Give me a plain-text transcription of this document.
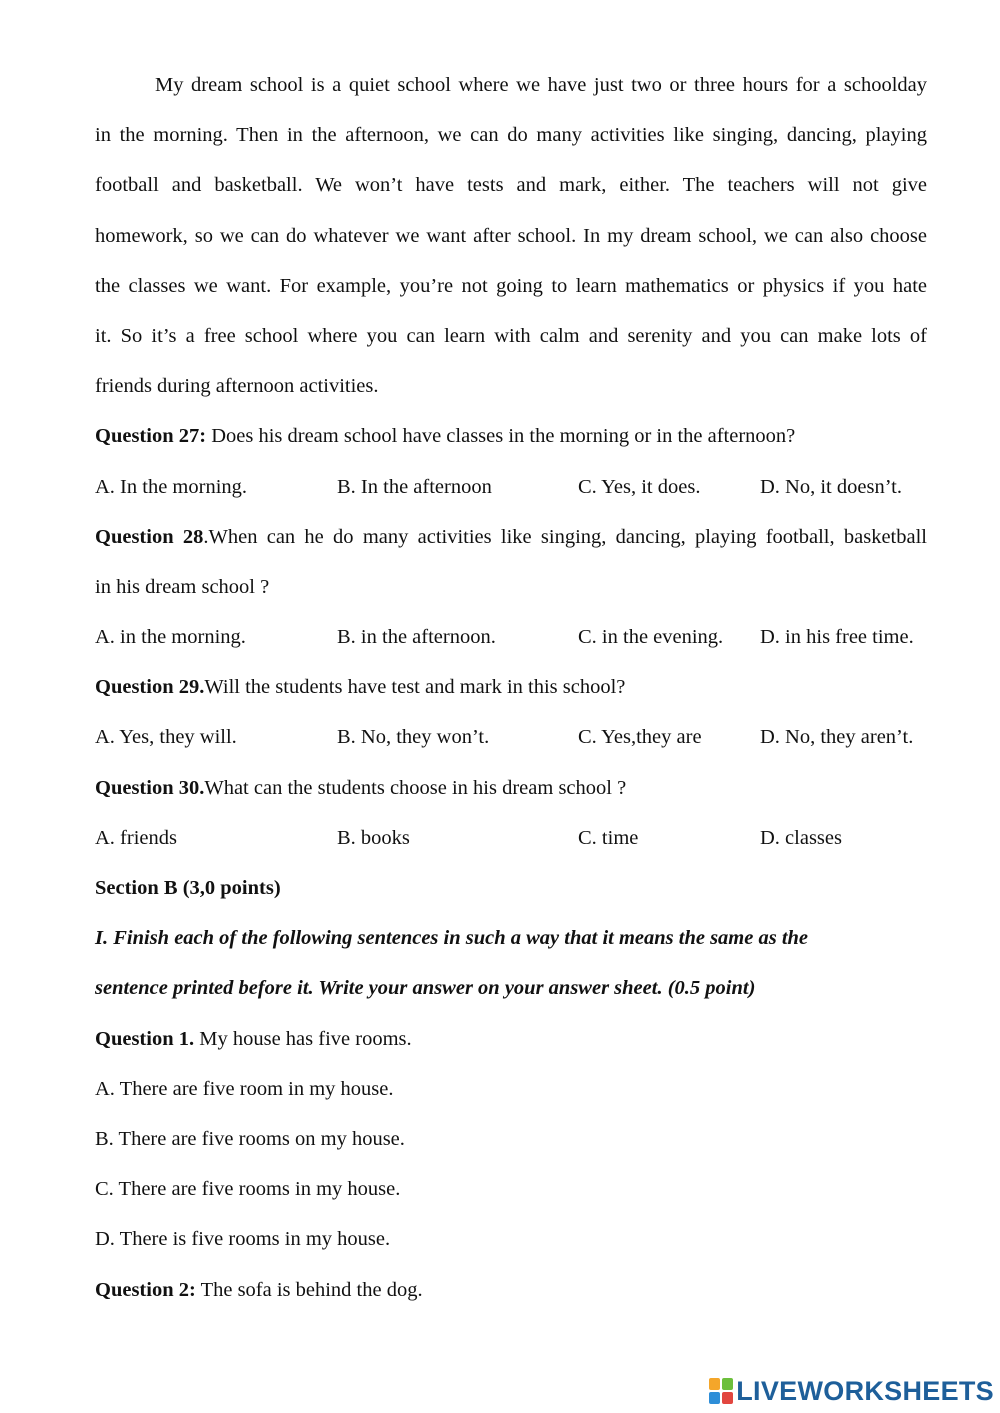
My dream school is a quiet school where we have just two or three hours for a schoolday
in the morning. Then in the afternoon, we can do many activities like singing, dancing, playing
football and basketball. We won’t have tests and mark, either. The teachers will not give
homework, so we can do whatever we want after school. In my dream school, we can also choose
the classes we want. For example, you’re not going to learn mathematics or physics if you hate
it. So it’s a free school where you can learn with calm and serenity and you can make lots of
friends during afternoon activities.
Question 27: Does his dream school have classes in the morning or in the afternoon?
A. In the morning.	B. In the afternoon	C. Yes, it does.	D. No, it doesn’t.
Question 28.When can he do many activities like singing, dancing, playing football, basketball
in his dream school ?
A. in the morning.	B. in the afternoon.	C. in the evening.	D. in his free time.
Question 29.Will the students have test and mark in this school?
A. Yes, they will.	B. No, they won’t.	C. Yes,they are	D. No, they aren’t.
Question 30.What can the students choose in his dream school ?
A. friends	B. books	C. time	D. classes
Section B (3,0 points)
I. Finish each of the following sentences in such a way that it means the same as the
sentence printed before it. Write your answer on your answer sheet. (0.5 point)
Question 1. My house has five rooms.
A. There are five room in my house.
B. There are five rooms on my house.
C. There are five rooms in my house.
D. There is five rooms in my house.
Question 2: The sofa is behind the dog.
LIVEWORKSHEETS
